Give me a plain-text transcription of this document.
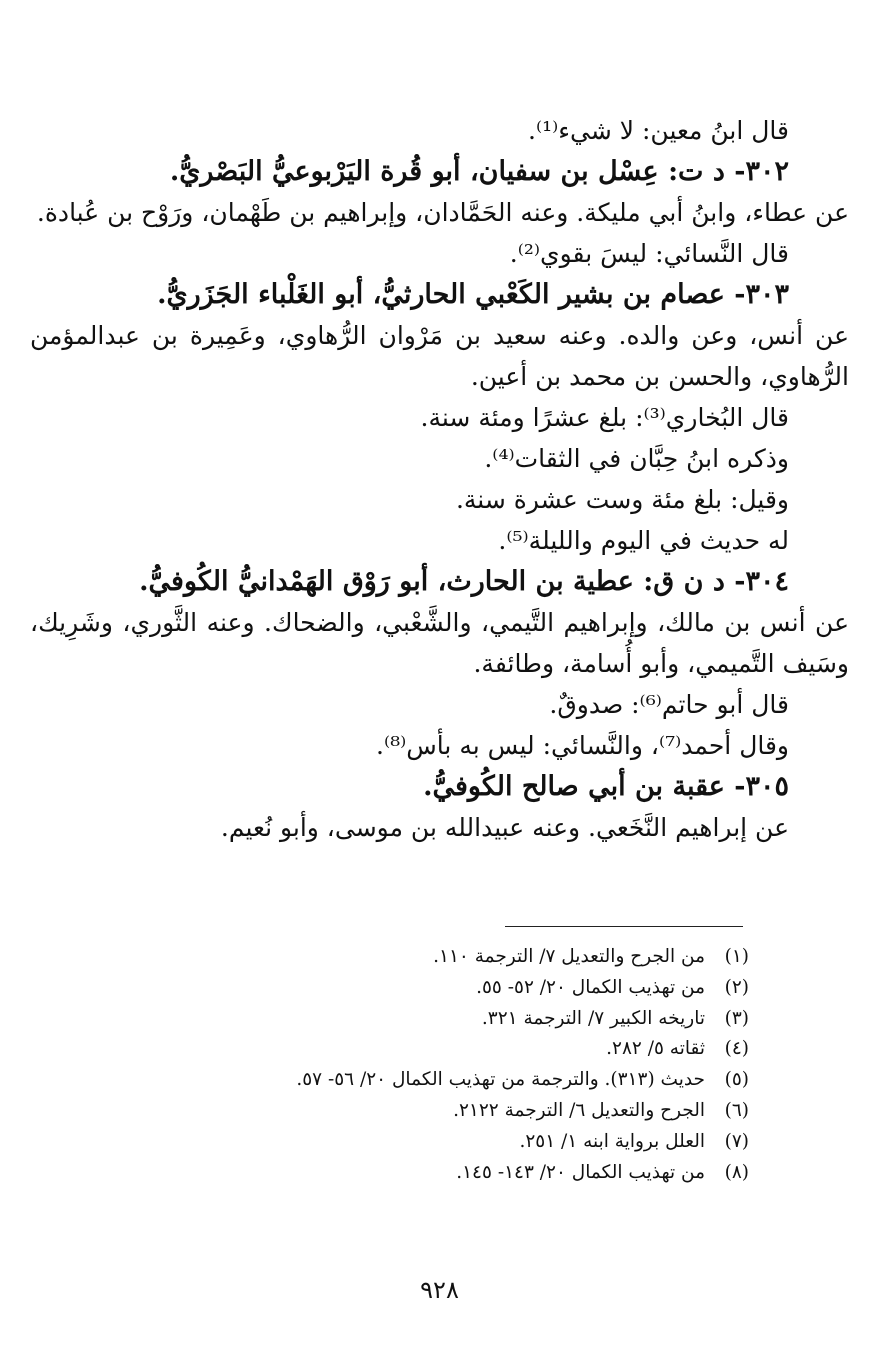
قال ابنُ معين: لا شيء⁽¹⁾.
٣٠٢- د ت: عِسْل بن سفيان، أبو قُرة اليَرْبوعيُّ البَصْريُّ.
عن عطاء، وابنُ أبي مليكة. وعنه الحَمَّادان، وإبراهيم بن طَهْمان، ورَوْح بن عُبادة.
قال النَّسائي: ليسَ بقوي⁽²⁾.
٣٠٣- عصام بن بشير الكَعْبي الحارثيُّ، أبو الغَلْباء الجَزَريُّ.
عن أنس، وعن والده. وعنه سعيد بن مَرْوان الرُّهاوي، وعَمِيرة بن عبدالمؤمن الرُّهاوي، والحسن بن محمد بن أعين.
قال البُخاري⁽³⁾: بلغ عشرًا ومئة سنة.
وذكره ابنُ حِبَّان في الثقات⁽⁴⁾.
وقيل: بلغ مئة وست عشرة سنة.
له حديث في اليوم والليلة⁽⁵⁾.
٣٠٤- د ن ق: عطية بن الحارث، أبو رَوْق الهَمْدانيُّ الكُوفيُّ.
عن أنس بن مالك، وإبراهيم التَّيمي، والشَّعْبي، والضحاك. وعنه الثَّوري، وشَرِيك، وسَيف التَّميمي، وأبو أُسامة، وطائفة.
قال أبو حاتم⁽⁶⁾: صدوقٌ.
وقال أحمد⁽⁷⁾، والنَّسائي: ليس به بأس⁽⁸⁾.
٣٠٥- عقبة بن أبي صالح الكُوفيُّ.
عن إبراهيم النَّخَعي. وعنه عبيدالله بن موسى، وأبو نُعيم.
(١)من الجرح والتعديل ٧/ الترجمة ١١٠.
(٢)من تهذيب الكمال ٢٠/ ٥٢- ٥٥.
(٣)تاريخه الكبير ٧/ الترجمة ٣٢١.
(٤)ثقاته ٥/ ٢٨٢.
(٥)حديث (٣١٣). والترجمة من تهذيب الكمال ٢٠/ ٥٦- ٥٧.
(٦)الجرح والتعديل ٦/ الترجمة ٢١٢٢.
(٧)العلل برواية ابنه ١/ ٢٥١.
(٨)من تهذيب الكمال ٢٠/ ١٤٣- ١٤٥.
٩٢٨
